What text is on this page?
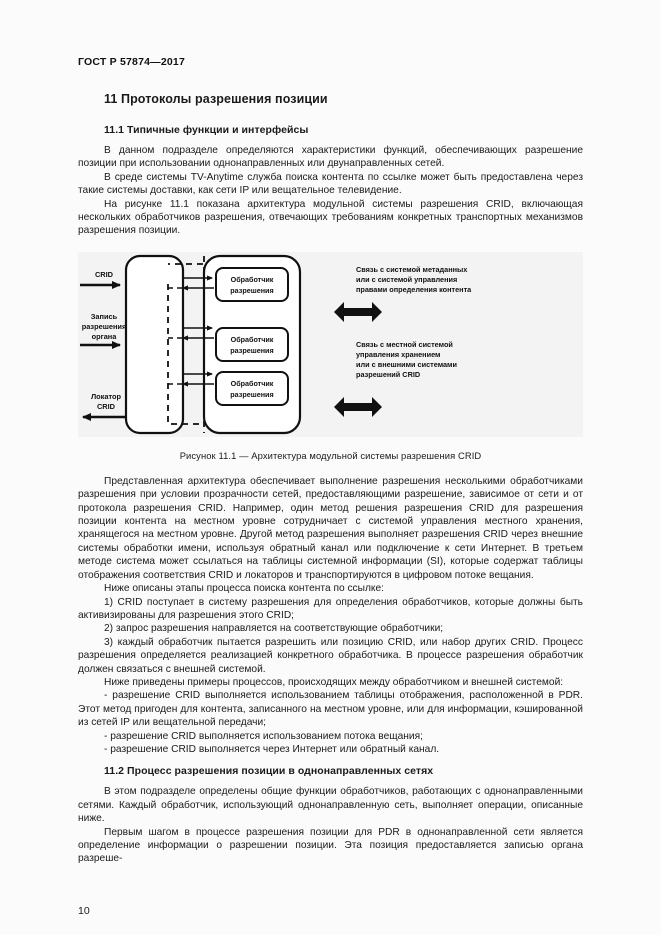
ГОСТ Р 57874—2017
11 Протоколы разрешения позиции
11.1 Типичные функции и интерфейсы

В данном подразделе определяются характеристики функций, обеспечивающих разрешение позиции при использовании однонаправленных или двунаправленных сетей.

В среде системы TV-Anytime служба поиска контента по ссылке может быть предоставлена через такие системы доставки, как сети IP или вещательное телевидение.

На рисунке 11.1 показана архитектура модульной системы разрешения CRID, включающая нескольких обработчиков разрешения, отвечающих требованиям конкретных транспортных механизмов разрешения позиции.

Обработчик
разрешения
Обработчик
разрешения
Обработчик
разрешения
CRID
Запись
разрешения
органа
Локатор
CRID
Связь с системой метаданных
или с системой управления
правами определения контента
Связь с местной системой
управления хранением
или с внешними системами
разрешений CRID
Рисунок 11.1 — Архитектура модульной системы разрешения CRID

Представленная архитектура обеспечивает выполнение разрешения несколькими обработчиками разрешения при условии прозрачности сетей, предоставляющими разрешение, зависимое от сети и от протокола разрешения CRID. Например, один метод решения разрешения CRID для разрешения позиции контента на местном уровне сотрудничает с системой управления местного хранения, хранящегося на местном уровне. Другой метод разрешения выполняет разрешения CRID через внешние системы обработки имени, используя обратный канал или подключение к сети Интернет. В третьем методе система может ссылаться на таблицы системной информации (SI), которые содержат таблицы отображения соответствия CRID и локаторов и транспортируются в цифровом потоке вещания.

Ниже описаны этапы процесса поиска контента по ссылке:

1) CRID поступает в систему разрешения для определения обработчиков, которые должны быть активизированы для разрешения этого CRID;

2) запрос разрешения направляется на соответствующие обработчики;

3) каждый обработчик пытается разрешить или позицию CRID, или набор других CRID. Процесс разрешения определяется реализацией конкретного обработчика. В процессе разрешения обработчик должен связаться с внешней системой.

Ниже приведены примеры процессов, происходящих между обработчиком и внешней системой:

- разрешение CRID выполняется использованием таблицы отображения, расположенной в PDR. Этот метод пригоден для контента, записанного на местном уровне, или для информации, кэшированной из сетей IP или вещательной передачи;

- разрешение CRID выполняется использованием потока вещания;

- разрешение CRID выполняется через Интернет или обратный канал.

11.2 Процесс разрешения позиции в однонаправленных сетях

В этом подразделе определены общие функции обработчиков, работающих с однонаправленными сетями. Каждый обработчик, использующий однонаправленную сеть, выполняет операции, описанные ниже.

Первым шагом в процессе разрешения позиции для PDR в однонаправленной сети является определение информации о разрешении позиции. Эта позиция предоставляется записью органа разреше-

10
